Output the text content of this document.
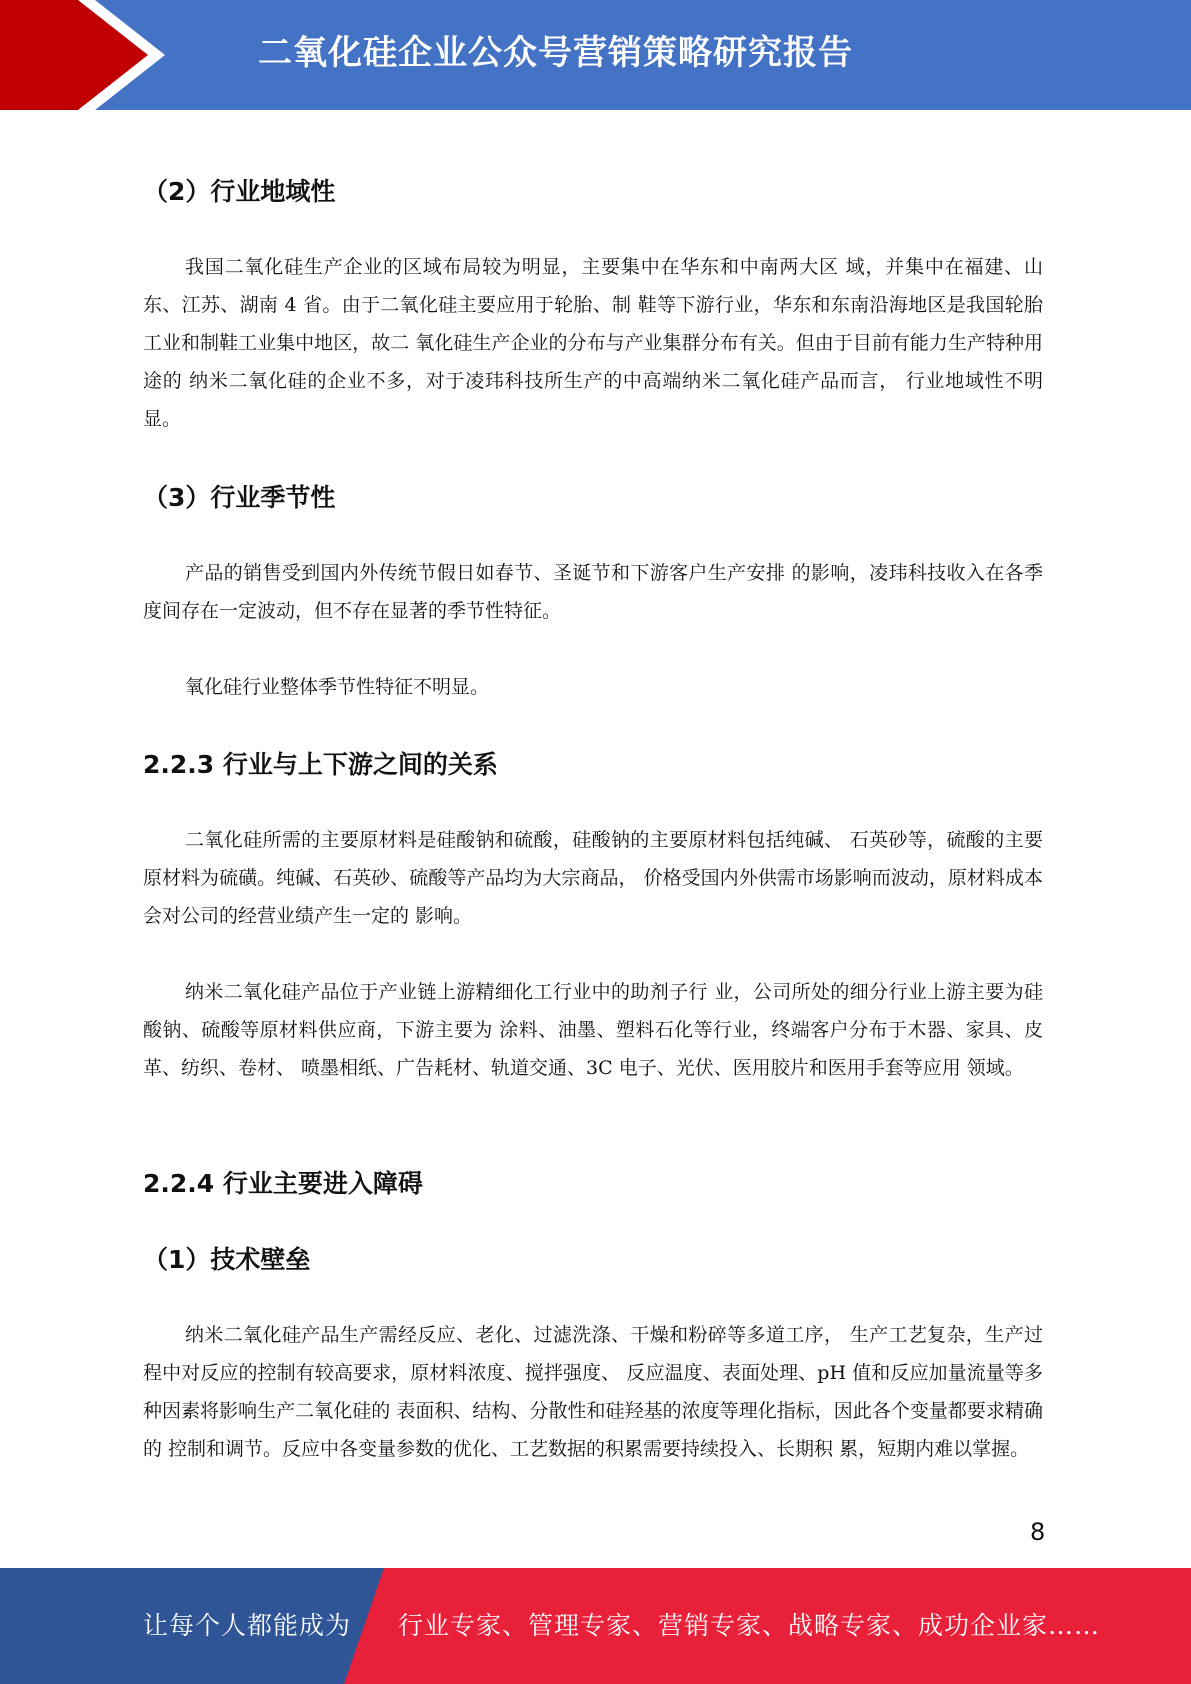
二氧化硅企业公众号营销策略研究报告
（2）行业地域性

我国二氧化硅生产企业的区域布局较为明显，主要集中在华东和中南两大区 域，并集中在福建、山东、江苏、湖南 4 省。由于二氧化硅主要应用于轮胎、制 鞋等下游行业，华东和东南沿海地区是我国轮胎工业和制鞋工业集中地区，故二 氧化硅生产企业的分布与产业集群分布有关。但由于目前有能力生产特种用途的 纳米二氧化硅的企业不多，对于凌玮科技所生产的中高端纳米二氧化硅产品而言， 行业地域性不明显。

（3）行业季节性

产品的销售受到国内外传统节假日如春节、圣诞节和下游客户生产安排 的影响，凌玮科技收入在各季度间存在一定波动，但不存在显著的季节性特征。

氧化硅行业整体季节性特征不明显。

2.2.3 行业与上下游之间的关系

二氧化硅所需的主要原材料是硅酸钠和硫酸，硅酸钠的主要原材料包括纯碱、 石英砂等，硫酸的主要原材料为硫磺。纯碱、石英砂、硫酸等产品均为大宗商品， 价格受国内外供需市场影响而波动，原材料成本会对公司的经营业绩产生一定的 影响。

纳米二氧化硅产品位于产业链上游精细化工行业中的助剂子行 业，公司所处的细分行业上游主要为硅酸钠、硫酸等原材料供应商，下游主要为 涂料、油墨、塑料石化等行业，终端客户分布于木器、家具、皮革、纺织、卷材、 喷墨相纸、广告耗材、轨道交通、3C 电子、光伏、医用胶片和医用手套等应用 领域。

2.2.4 行业主要进入障碍
（1）技术壁垒

纳米二氧化硅产品生产需经反应、老化、过滤洗涤、干燥和粉碎等多道工序， 生产工艺复杂，生产过程中对反应的控制有较高要求，原材料浓度、搅拌强度、 反应温度、表面处理、pH 值和反应加量流量等多种因素将影响生产二氧化硅的 表面积、结构、分散性和硅羟基的浓度等理化指标，因此各个变量都要求精确的 控制和调节。反应中各变量参数的优化、工艺数据的积累需要持续投入、长期积 累，短期内难以掌握。

8
让每个人都能成为 行业专家、管理专家、营销专家、战略专家、成功企业家……
